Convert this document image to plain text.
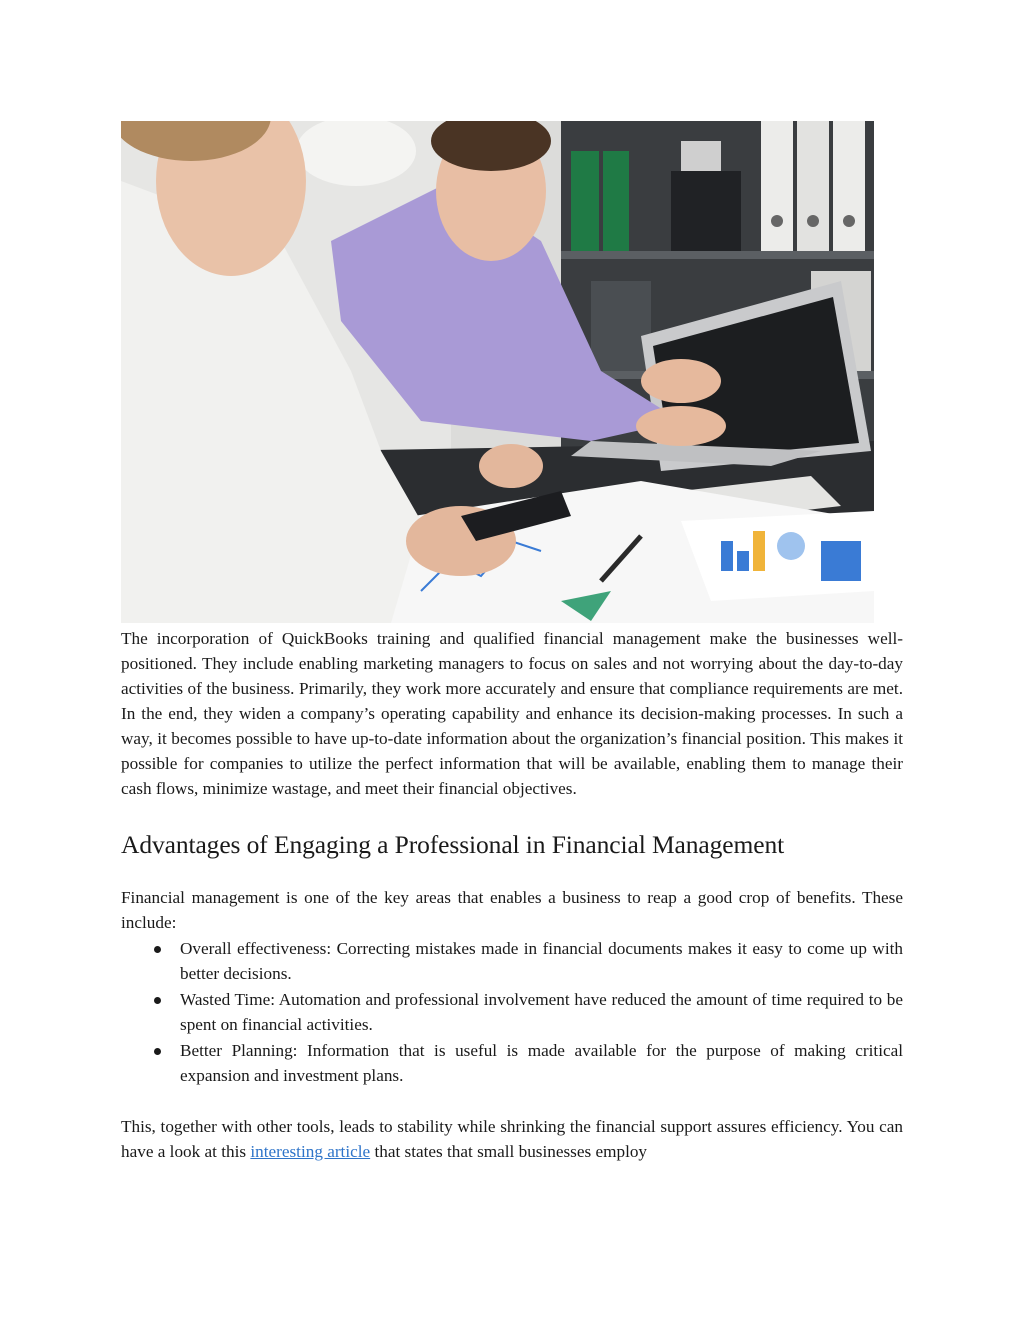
The incorporation of QuickBooks training and qualified financial management make the businesses well-positioned. They include enabling marketing managers to focus on sales and not worrying about the day-to-day activities of the business. Primarily, they work more accurately and ensure that compliance requirements are met. In the end, they widen a company’s operating capability and enhance its decision-making processes. In such a way, it becomes possible to have up-to-date information about the organization’s financial position. This makes it possible for companies to utilize the perfect information that will be available, enabling them to manage their cash flows, minimize wastage, and meet their financial objectives.

Advantages of Engaging a Professional in Financial Management

Financial management is one of the key areas that enables a business to reap a good crop of benefits. These include:

Overall effectiveness: Correcting mistakes made in financial documents makes it easy to come up with better decisions.
Wasted Time: Automation and professional involvement have reduced the amount of time required to be spent on financial activities.
Better Planning: Information that is useful is made available for the purpose of making critical expansion and investment plans.

This, together with other tools, leads to stability while shrinking the financial support assures efficiency. You can have a look at this interesting article that states that small businesses employ
